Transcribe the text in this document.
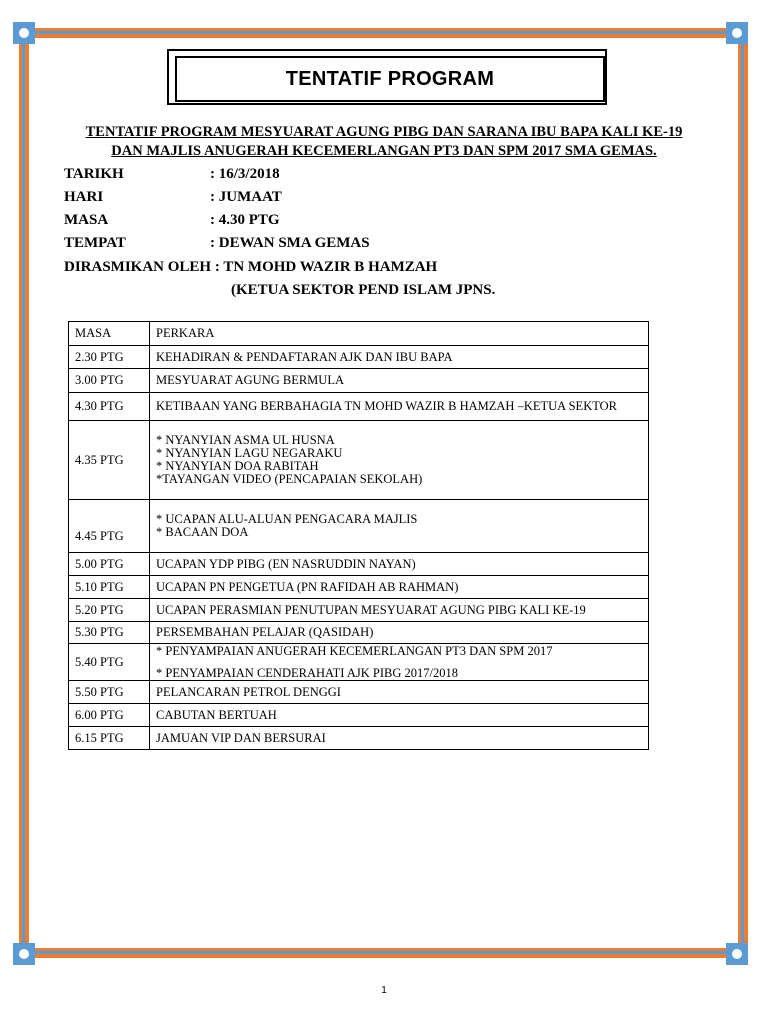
TENTATIF PROGRAM
TENTATIF PROGRAM MESYUARAT AGUNG PIBG DAN SARANA IBU BAPA KALI KE-19
DAN MAJLIS ANUGERAH KECEMERLANGAN PT3 DAN SPM 2017 SMA GEMAS.
TARIKH	: 16/3/2018
HARI	: JUMAAT
MASA	: 4.30 PTG
TEMPAT	: DEWAN SMA GEMAS
DIRASMIKAN OLEH : TN MOHD WAZIR B HAMZAH
(KETUA SEKTOR PEND ISLAM JPNS.
MASA	PERKARA
2.30 PTG	KEHADIRAN & PENDAFTARAN AJK DAN IBU BAPA
3.00 PTG	MESYUARAT AGUNG BERMULA
4.30 PTG	KETIBAAN YANG BERBAHAGIA TN MOHD WAZIR B HAMZAH –KETUA SEKTOR
4.35 PTG	* NYANYIAN ASMA UL HUSNA
* NYANYIAN LAGU NEGARAKU
* NYANYIAN DOA RABITAH
*TAYANGAN VIDEO (PENCAPAIAN SEKOLAH)

4.45 PTG	* UCAPAN ALU-ALUAN PENGACARA MAJLIS
* BACAAN DOA

5.00 PTG	UCAPAN YDP PIBG (EN NASRUDDIN NAYAN)
5.10 PTG	UCAPAN PN PENGETUA (PN RAFIDAH AB RAHMAN)
5.20 PTG	UCAPAN PERASMIAN PENUTUPAN MESYUARAT AGUNG PIBG KALI KE-19
5.30 PTG	PERSEMBAHAN PELAJAR (QASIDAH)
5.40 PTG	* PENYAMPAIAN ANUGERAH KECEMERLANGAN PT3 DAN SPM 2017
* PENYAMPAIAN CENDERAHATI AJK PIBG 2017/2018

5.50 PTG	PELANCARAN PETROL DENGGI
6.00 PTG	CABUTAN BERTUAH
6.15 PTG	JAMUAN VIP DAN BERSURAI
1
